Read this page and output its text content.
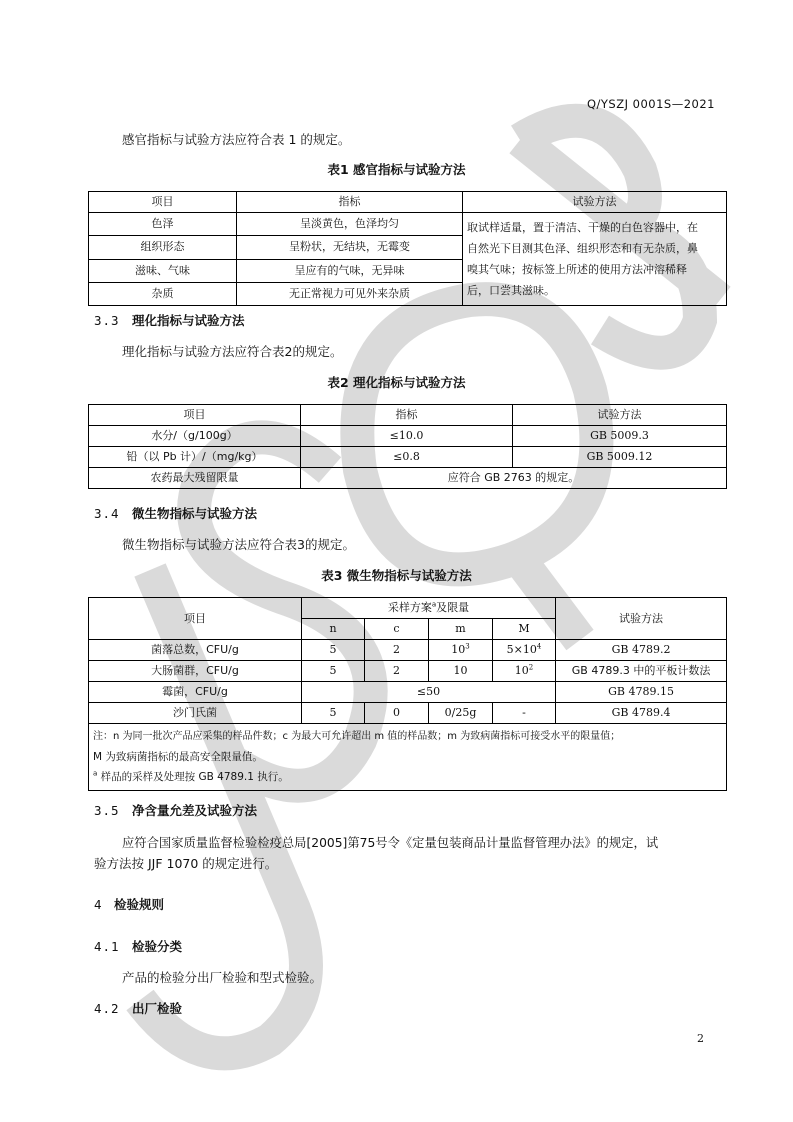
Q/YSZJ 0001S—2021
感官指标与试验方法应符合表 1 的规定。
表1 感官指标与试验方法
项目	指标	试验方法
色泽	呈淡黄色，色泽均匀	取试样适量，置于清洁、干燥的白色容器中，在
自然光下目测其色泽、组织形态和有无杂质，鼻
嗅其气味；按标签上所述的使用方法冲溶稀释
后，口尝其滋味。

组织形态	呈粉状，无结块，无霉变	
滋味、气味	呈应有的气味，无异味	
杂质	无正常视力可见外来杂质	
3.3 理化指标与试验方法
理化指标与试验方法应符合表2的规定。
表2 理化指标与试验方法
项目	指标	试验方法
水分/（g/100g）	≤10.0	GB 5009.3
铅（以 Pb 计）/（mg/kg）	≤0.8	GB 5009.12
农药最大残留限量	应符合 GB 2763 的规定。	
3.4 微生物指标与试验方法
微生物指标与试验方法应符合表3的规定。
表3 微生物指标与试验方法
项目	采样方案$^a$及限量				试验方法
	n	c	m	M	
菌落总数，CFU/g	5	2	$10^3$	$5\times 10^4$	GB 4789.2
大肠菌群，CFU/g	5	2	10	$10^2$	GB 4789.3 中的平板计数法
霉菌，CFU/g	≤50				GB 4789.15
沙门氏菌	5	0	0/25g	-	GB 4789.4

注：n 为同一批次产品应采集的样品件数；c 为最大可允许超出 m 值的样品数；m 为致病菌指标可接受水平的限量值；
M 为致病菌指标的最高安全限量值。
$^a$ 样品的采样及处理按 GB 4789.1 执行。					
3.5 净含量允差及试验方法
应符合国家质量监督检验检疫总局[2005]第75号令《定量包装商品计量监督管理办法》的规定，试
验方法按 JJF 1070 的规定进行。
4 检验规则
4.1 检验分类
产品的检验分出厂检验和型式检验。
4.2 出厂检验
2
